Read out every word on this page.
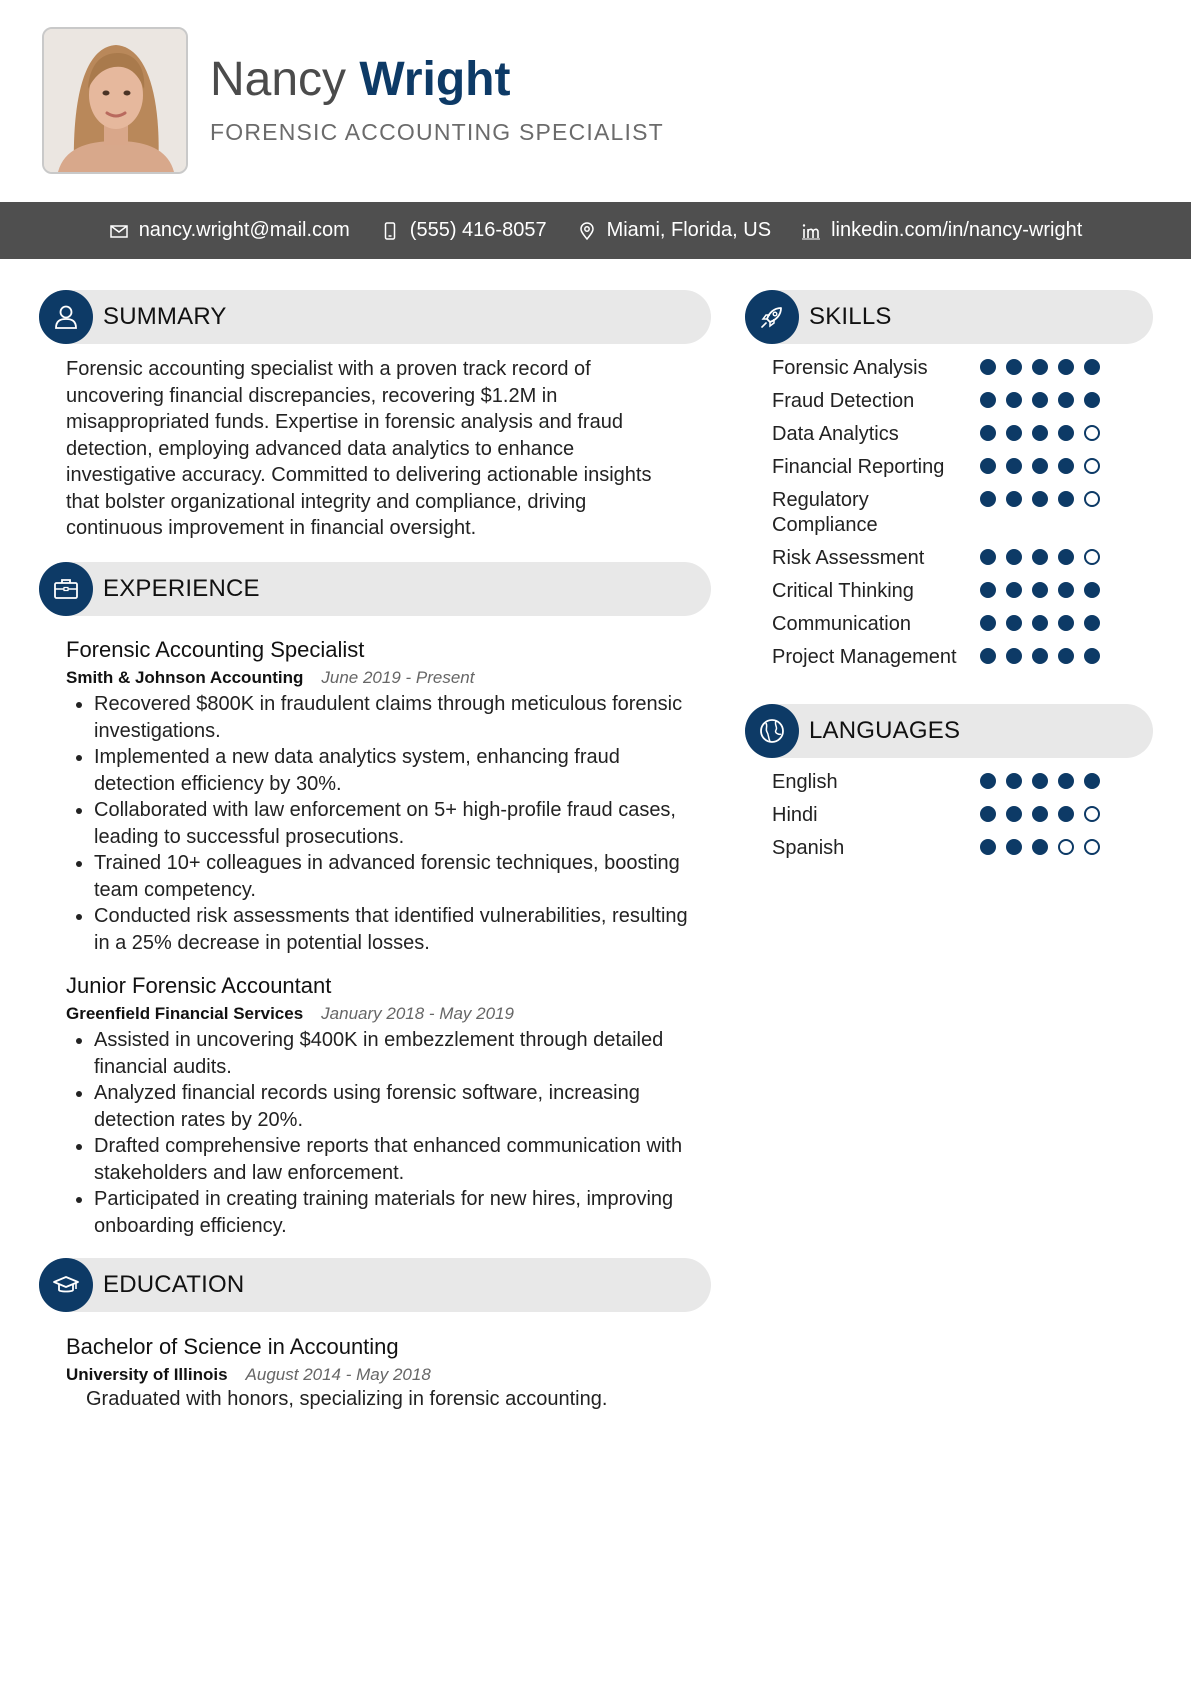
Nancy Wright
FORENSIC ACCOUNTING SPECIALIST
nancy.wright@mail.com	(555) 416-8057	Miami, Florida, US	linkedin.com/in/nancy-wright
SUMMARY

Forensic accounting specialist with a proven track record of uncovering financial discrepancies, recovering $1.2M in misappropriated funds. Expertise in forensic analysis and fraud detection, employing advanced data analytics to enhance investigative accuracy. Committed to delivering actionable insights that bolster organizational integrity and compliance, driving continuous improvement in financial oversight.

EXPERIENCE
Forensic Accounting Specialist
Smith & Johnson Accounting June 2019 - Present
• Recovered $800K in fraudulent claims through meticulous forensic investigations.
• Implemented a new data analytics system, enhancing fraud detection efficiency by 30%.
• Collaborated with law enforcement on 5+ high-profile fraud cases, leading to successful prosecutions.
• Trained 10+ colleagues in advanced forensic techniques, boosting team competency.
• Conducted risk assessments that identified vulnerabilities, resulting in a 25% decrease in potential losses.
Junior Forensic Accountant
Greenfield Financial Services January 2018 - May 2019
• Assisted in uncovering $400K in embezzlement through detailed financial audits.
• Analyzed financial records using forensic software, increasing detection rates by 20%.
• Drafted comprehensive reports that enhanced communication with stakeholders and law enforcement.
• Participated in creating training materials for new hires, improving onboarding efficiency.
EDUCATION
Bachelor of Science in Accounting
University of Illinois August 2014 - May 2018
Graduated with honors, specializing in forensic accounting.
SKILLS
Forensic Analysis
Fraud Detection
Data Analytics
Financial Reporting
Regulatory Compliance
Risk Assessment
Critical Thinking
Communication
Project Management
LANGUAGES
English
Hindi
Spanish
